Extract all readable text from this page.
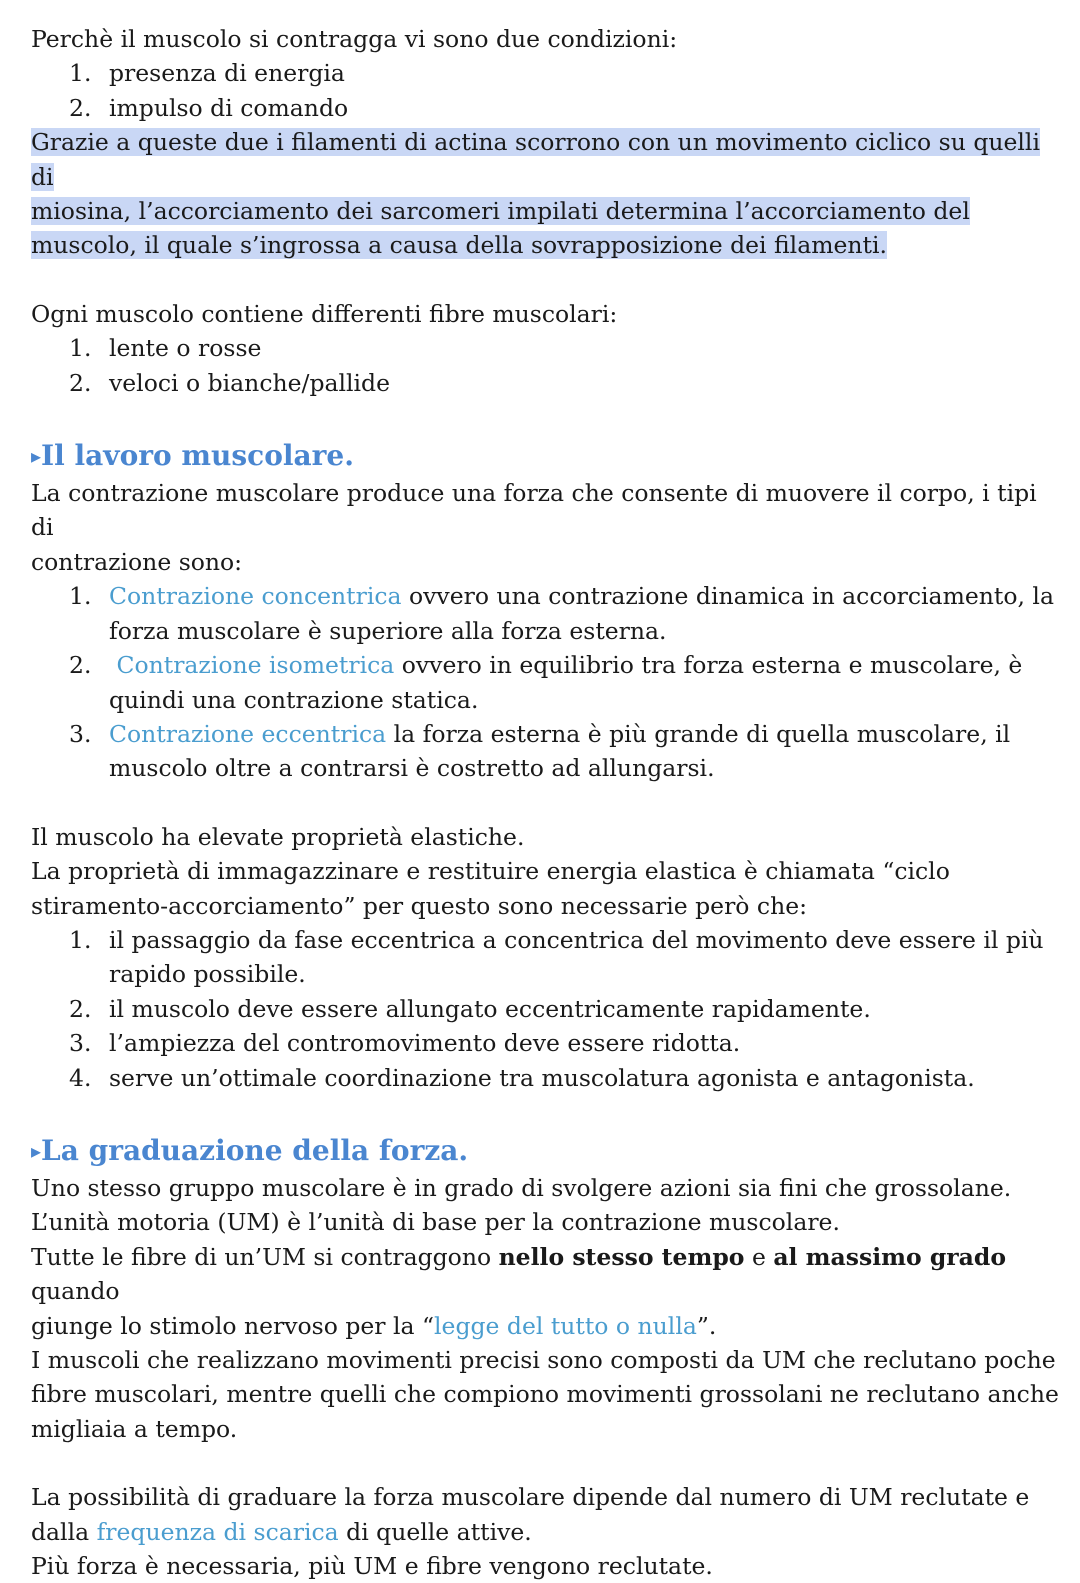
Perchè il muscolo si contragga vi sono due condizioni:

1. presenza di energia
2. impulso di comando

Grazie a queste due i filamenti di actina scorrono con un movimento ciclico su quelli di
miosina, l’accorciamento dei sarcomeri impilati determina l’accorciamento del
muscolo, il quale s’ingrossa a causa della sovrapposizione dei filamenti.

Ogni muscolo contiene differenti fibre muscolari:

1. lente o rosse
2. veloci o bianche/pallide
▸Il lavoro muscolare.

La contrazione muscolare produce una forza che consente di muovere il corpo, i tipi di
contrazione sono:

1. Contrazione concentrica ovvero una contrazione dinamica in accorciamento, la
forza muscolare è superiore alla forza esterna.
2. Contrazione isometrica ovvero in equilibrio tra forza esterna e muscolare, è
quindi una contrazione statica.
3. Contrazione eccentrica la forza esterna è più grande di quella muscolare, il
muscolo oltre a contrarsi è costretto ad allungarsi.

Il muscolo ha elevate proprietà elastiche.
La proprietà di immagazzinare e restituire energia elastica è chiamata “ciclo
stiramento-accorciamento” per questo sono necessarie però che:

1. il passaggio da fase eccentrica a concentrica del movimento deve essere il più
rapido possibile.
2. il muscolo deve essere allungato eccentricamente rapidamente.
3. l’ampiezza del contromovimento deve essere ridotta.
4. serve un’ottimale coordinazione tra muscolatura agonista e antagonista.
▸La graduazione della forza.

Uno stesso gruppo muscolare è in grado di svolgere azioni sia fini che grossolane.
L’unità motoria (UM) è l’unità di base per la contrazione muscolare.
Tutte le fibre di un’UM si contraggono nello stesso tempo e al massimo grado quando
giunge lo stimolo nervoso per la “legge del tutto o nulla”.
I muscoli che realizzano movimenti precisi sono composti da UM che reclutano poche
fibre muscolari, mentre quelli che compiono movimenti grossolani ne reclutano anche
migliaia a tempo.

La possibilità di graduare la forza muscolare dipende dal numero di UM reclutate e
dalla frequenza di scarica di quelle attive.
Più forza è necessaria, più UM e fibre vengono reclutate.
